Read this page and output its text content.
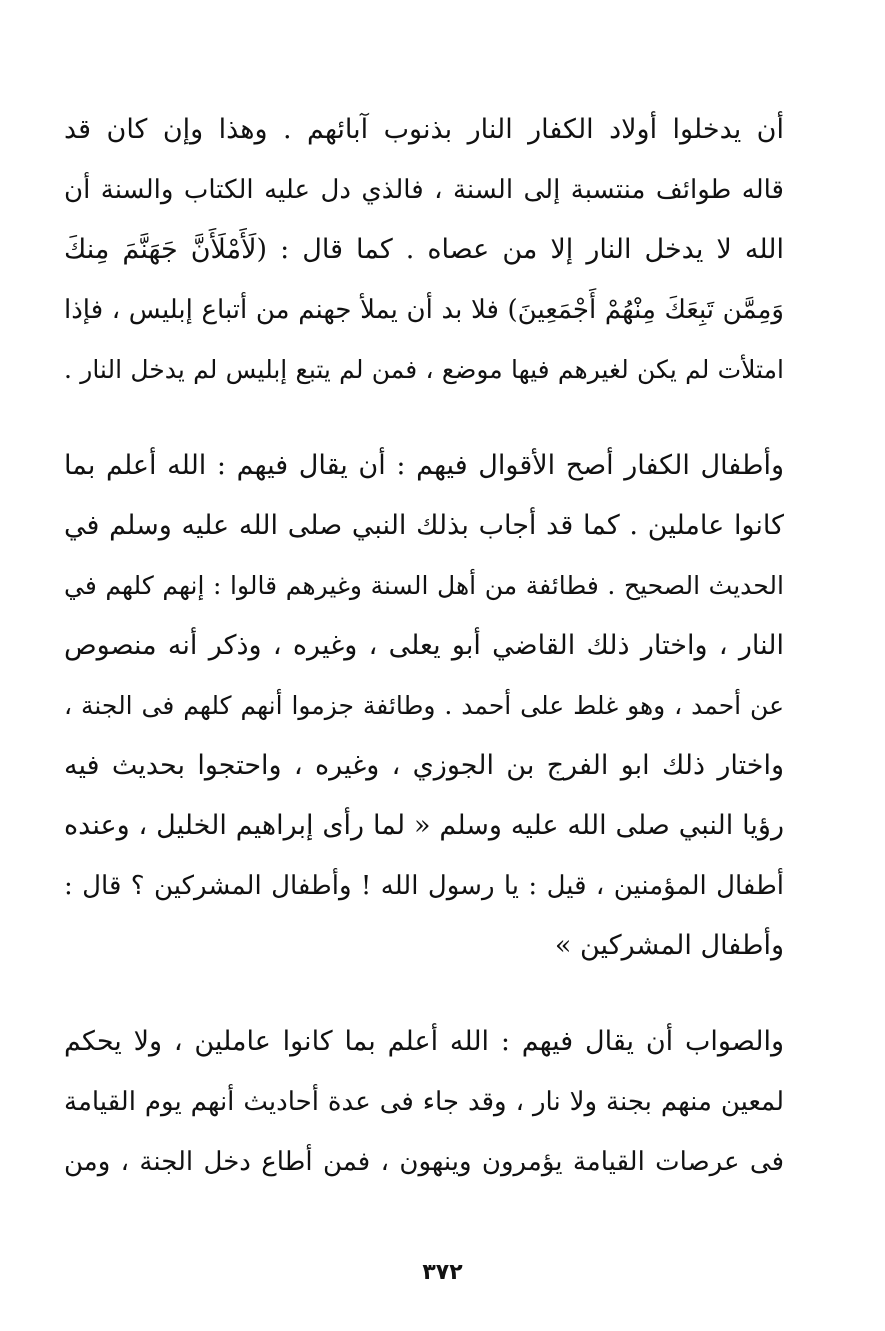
أن يدخلوا أولاد الكفار النار بذنوب آبائهم . وهذا وإن كان قد
قاله طوائف منتسبة إلى السنة ، فالذي دل عليه الكتاب والسنة أن
الله لا يدخل النار إلا من عصاه . كما قال : (لَأَمْلَأَنَّ جَهَنَّمَ مِنكَ
وَمِمَّن تَبِعَكَ مِنْهُمْ أَجْمَعِينَ) فلا بد أن يملأ جهنم من أتباع إبليس ، فإذا
امتلأت لم يكن لغيرهم فيها موضع ، فمن لم يتبع إبليس لم يدخل النار .
وأطفال الكفار أصح الأقوال فيهم : أن يقال فيهم : الله أعلم بما
كانوا عاملين . كما قد أجاب بذلك النبي صلى الله عليه وسلم في
الحديث الصحيح . فطائفة من أهل السنة وغيرهم قالوا : إنهم كلهم في
النار ، واختار ذلك القاضي أبو يعلى ، وغيره ، وذكر أنه منصوص
عن أحمد ، وهو غلط على أحمد . وطائفة جزموا أنهم كلهم فى الجنة ،
واختار ذلك ابو الفرج بن الجوزي ، وغيره ، واحتجوا بحديث فيه
رؤيا النبي صلى الله عليه وسلم « لما رأى إبراهيم الخليل ، وعنده
أطفال المؤمنين ، قيل : يا رسول الله ! وأطفال المشركين ؟ قال :
وأطفال المشركين »
والصواب أن يقال فيهم : الله أعلم بما كانوا عاملين ، ولا يحكم
لمعين منهم بجنة ولا نار ، وقد جاء فى عدة أحاديث أنهم يوم القيامة
فى عرصات القيامة يؤمرون وينهون ، فمن أطاع دخل الجنة ، ومن
٣٧٢
